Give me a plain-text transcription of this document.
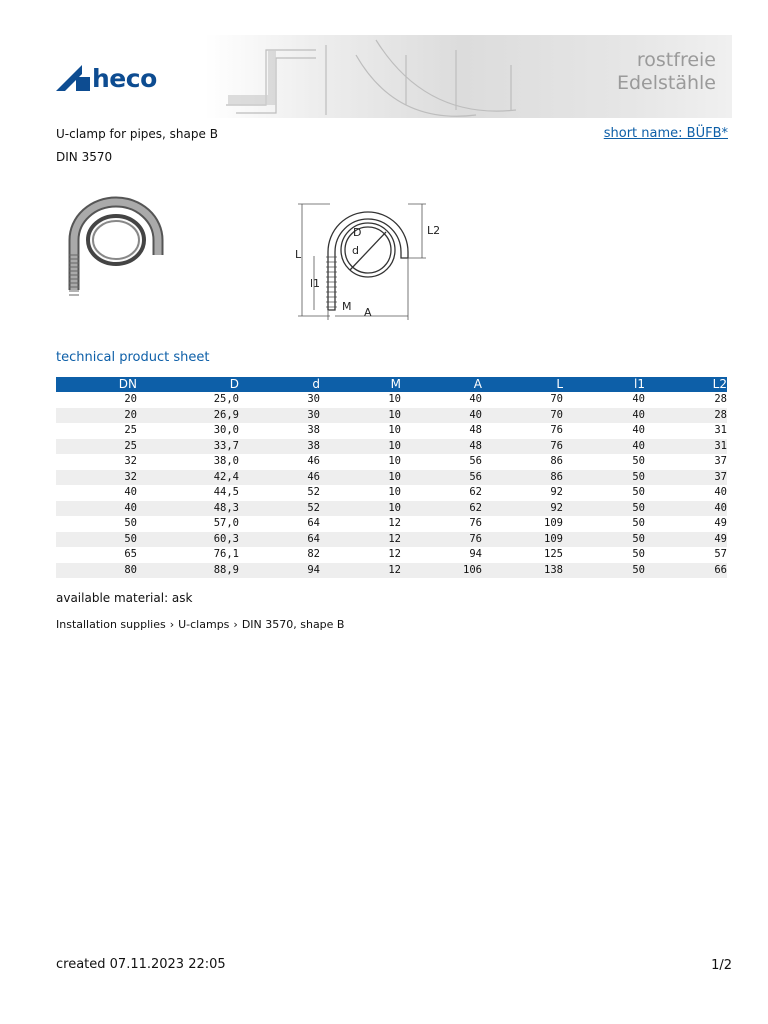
heco
rostfreie
Edelstähle
U-clamp for pipes, shape B	short name: BÜFB*
DIN 3570
L
L2
D
d
l1
M A
technical product sheet
DN	D	d	M	A	L	l1	L2
20	25,0	30	10	40	70	40	28
20	26,9	30	10	40	70	40	28
25	30,0	38	10	48	76	40	31
25	33,7	38	10	48	76	40	31
32	38,0	46	10	56	86	50	37
32	42,4	46	10	56	86	50	37
40	44,5	52	10	62	92	50	40
40	48,3	52	10	62	92	50	40
50	57,0	64	12	76	109	50	49
50	60,3	64	12	76	109	50	49
65	76,1	82	12	94	125	50	57
80	88,9	94	12	106	138	50	66
available material: ask
Installation supplies › U-clamps › DIN 3570, shape B
created 07.11.2023 22:05	1/2
